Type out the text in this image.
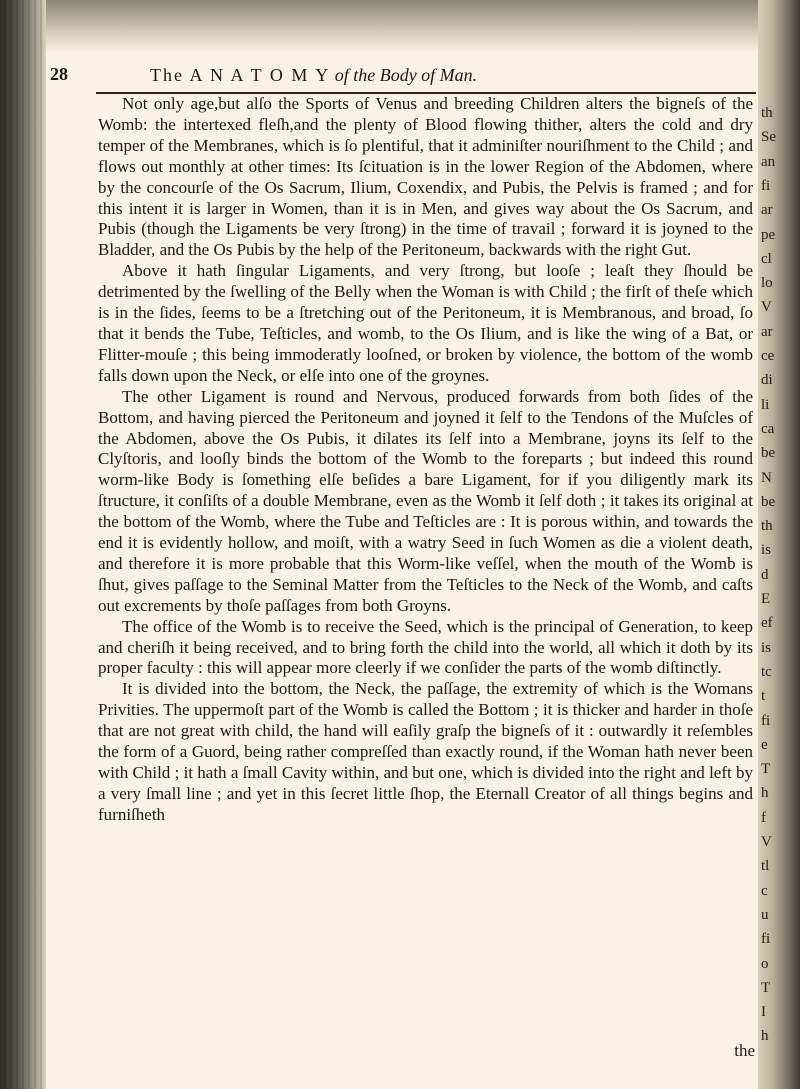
28	The A N A T O M Y of the Body of Man.

Not only age,but alſo the Sports of Venus and breeding Children alters the bigneſs of the Womb: the intertexed fleſh,and the plenty of Blood flowing thither, alters the cold and dry temper of the Membranes, which is ſo plentiful, that it adminiſter nouriſhment to the Child ; and flows out monthly at other times: Its ſcituation is in the lower Region of the Abdomen, where by the concourſe of the Os Sacrum, Ilium, Coxendix, and Pubis, the Pelvis is framed ; and for this intent it is larger in Women, than it is in Men, and gives way about the Os Sacrum, and Pubis (though the Ligaments be very ſtrong) in the time of travail ; forward it is joyned to the Bladder, and the Os Pubis by the help of the Peritoneum, backwards with the right Gut.

Above it hath ſingular Ligaments, and very ſtrong, but looſe ; leaſt they ſhould be detrimented by the ſwelling of the Belly when the Woman is with Child ; the firſt of theſe which is in the ſides, ſeems to be a ſtretching out of the Peritoneum, it is Membranous, and broad, ſo that it bends the Tube, Teſticles, and womb, to the Os Ilium, and is like the wing of a Bat, or Flitter-mouſe ; this being immoderatly looſned, or broken by violence, the bottom of the womb falls down upon the Neck, or elſe into one of the groynes.

The other Ligament is round and Nervous, produced forwards from both ſides of the Bottom, and having pierced the Peritoneum and joyned it ſelf to the Tendons of the Muſcles of the Abdomen, above the Os Pubis, it dilates its ſelf into a Membrane, joyns its ſelf to the Clyſtoris, and looſly binds the bottom of the Womb to the foreparts ; but indeed this round worm-like Body is ſomething elſe beſides a bare Ligament, for if you diligently mark its ſtructure, it conſiſts of a double Membrane, even as the Womb it ſelf doth ; it takes its original at the bottom of the Womb, where the Tube and Teſticles are : It is porous within, and towards the end it is evidently hollow, and moiſt, with a watry Seed in ſuch Women as die a violent death, and therefore it is more probable that this Worm-like veſſel, when the mouth of the Womb is ſhut, gives paſſage to the Seminal Matter from the Teſticles to the Neck of the Womb, and caſts out excrements by thoſe paſſages from both Groyns.

The office of the Womb is to receive the Seed, which is the principal of Generation, to keep and cheriſh it being received, and to bring forth the child into the world, all which it doth by its proper faculty : this will appear more cleerly if we conſider the parts of the womb diſtinctly.

It is divided into the bottom, the Neck, the paſſage, the extremity of which is the Womans Privities. The uppermoſt part of the Womb is called the Bottom ; it is thicker and harder in thoſe that are not great with child, the hand will eaſily graſp the bigneſs of it : outwardly it reſembles the form of a Guord, being rather compreſſed than exactly round, if the Woman hath never been with Child ; it hath a ſmall Cavity within, and but one, which is divided into the right and left by a very ſmall line ; and yet in this ſecret little ſhop, the Eternall Creator of all things begins and furniſheth

the
th
Se
an
fi
ar
pe
cl
lo
V
ar
ce
di
li
ca
be
N
be
th
is
d
E
ef
is
tc
t
fi
e
T
h
f
V
tl
c
u
fi
o
T
I
h
